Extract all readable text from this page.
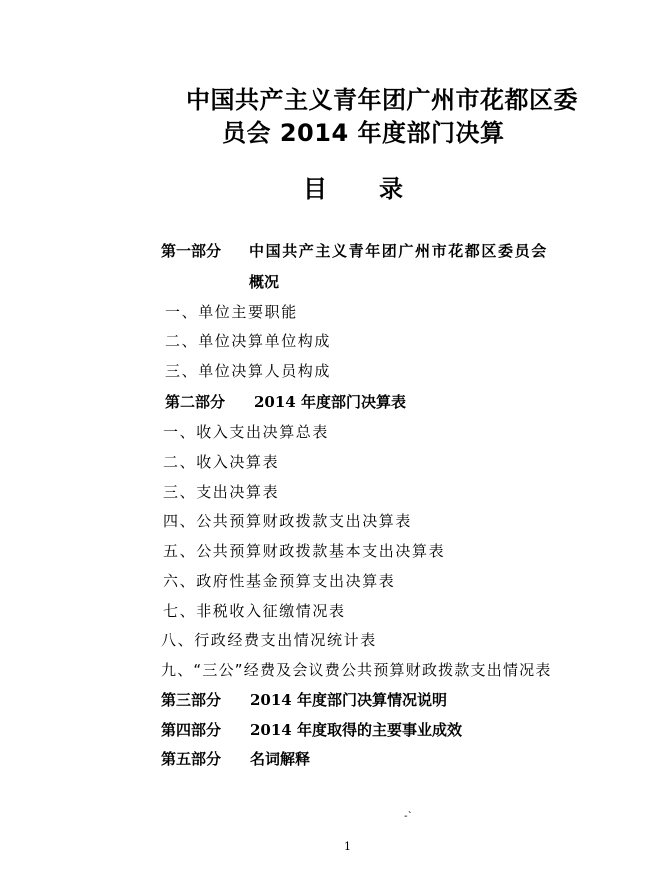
中国共产主义青年团广州市花都区委
员会 2014 年度部门决算
目 录
第一部分 中国共产主义青年团广州市花都区委员会
概况
一、单位主要职能
二、单位决算单位构成
三、单位决算人员构成
第二部分 2014 年度部门决算表
一、收入支出决算总表
二、收入决算表
三、支出决算表
四、公共预算财政拨款支出决算表
五、公共预算财政拨款基本支出决算表
六、政府性基金预算支出决算表
七、非税收入征缴情况表
八、行政经费支出情况统计表
九、“三公”经费及会议费公共预算财政拨款支出情况表
第三部分 2014 年度部门决算情况说明
第四部分 2014 年度取得的主要事业成效
第五部分 名词解释
-`
1
